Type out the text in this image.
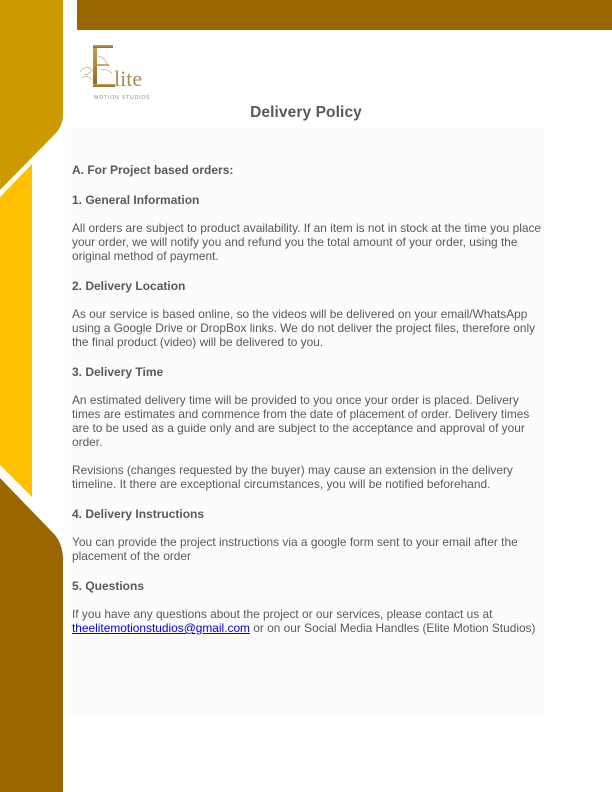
lite
MOTION STUDIOS
Delivery Policy
A. For Project based orders:
1. General Information

All orders are subject to product availability. If an item is not in stock at the time you place your order, we will notify you and refund you the total amount of your order, using the original method of payment.

2. Delivery Location

As our service is based online, so the videos will be delivered on your email/WhatsApp using a Google Drive or DropBox links. We do not deliver the project files, therefore only the final product (video) will be delivered to you.

3. Delivery Time

An estimated delivery time will be provided to you once your order is placed. Delivery times are estimates and commence from the date of placement of order. Delivery times are to be used as a guide only and are subject to the acceptance and approval of your order.

Revisions (changes requested by the buyer) may cause an extension in the delivery timeline. It there are exceptional circumstances, you will be notified beforehand.

4. Delivery Instructions

You can provide the project instructions via a google form sent to your email after the placement of the order

5. Questions

If you have any questions about the project or our services, please contact us at theelitemotionstudios@gmail.com or on our Social Media Handles (Elite Motion Studios)
